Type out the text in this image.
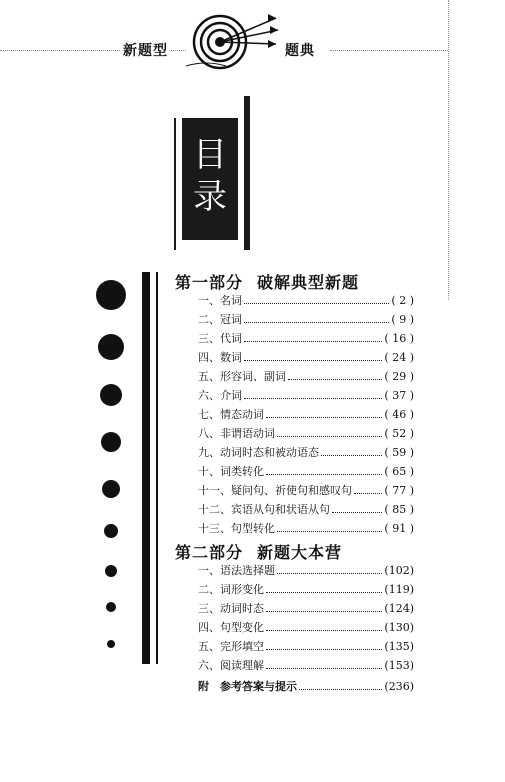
新题型	题典
目
录
第一部分 破解典型新题
一、名词	( 2 )
二、冠词	( 9 )
三、代词	( 16 )
四、数词	( 24 )
五、形容词、副词	( 29 )
六、介词	( 37 )
七、情态动词	( 46 )
八、非谓语动词	( 52 )
九、动词时态和被动语态	( 59 )
十、词类转化	( 65 )
十一、疑问句、祈使句和感叹句	( 77 )
十二、宾语从句和状语从句	( 85 )
十三、句型转化	( 91 )
第二部分 新题大本营
一、语法选择题	(102)
二、词形变化	(119)
三、动词时态	(124)
四、句型变化	(130)
五、完形填空	(135)
六、阅读理解	(153)
附　参考答案与提示	(236)
